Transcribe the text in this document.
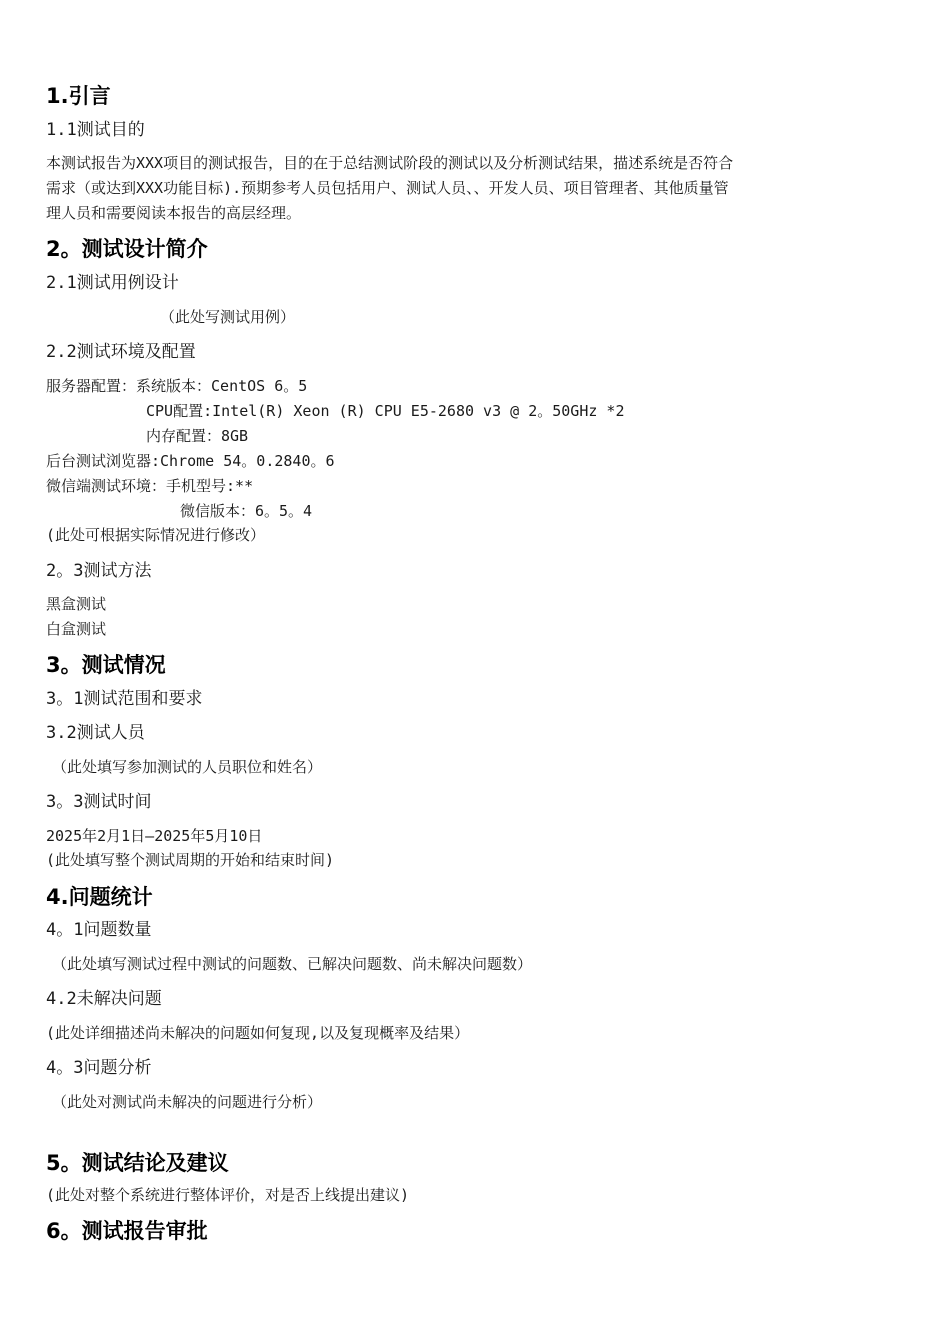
1.引言
1.1测试目的
本测试报告为XXX项目的测试报告，目的在于总结测试阶段的测试以及分析测试结果，描述系统是否符合
需求（或达到XXX功能目标).预期参考人员包括用户、测试人员、、开发人员、项目管理者、其他质量管
理人员和需要阅读本报告的高层经理。
2。测试设计简介
2.1测试用例设计
（此处写测试用例）
2.2测试环境及配置
服务器配置：系统版本：CentOS 6。5
CPU配置:Intel(R) Xeon (R) CPU E5-2680 v3 @ 2。50GHz *2
内存配置：8GB
后台测试浏览器:Chrome 54。0.2840。6
微信端测试环境：手机型号:**
微信版本：6。5。4
(此处可根据实际情况进行修改）
2。3测试方法
黑盒测试
白盒测试
3。测试情况
3。1测试范围和要求
3.2测试人员
（此处填写参加测试的人员职位和姓名）
3。3测试时间
2025年2月1日—2025年5月10日
(此处填写整个测试周期的开始和结束时间)
4.问题统计
4。1问题数量
（此处填写测试过程中测试的问题数、已解决问题数、尚未解决问题数）
4.2未解决问题
(此处详细描述尚未解决的问题如何复现,以及复现概率及结果）
4。3问题分析
（此处对测试尚未解决的问题进行分析）
5。测试结论及建议
(此处对整个系统进行整体评价，对是否上线提出建议)
6。测试报告审批
